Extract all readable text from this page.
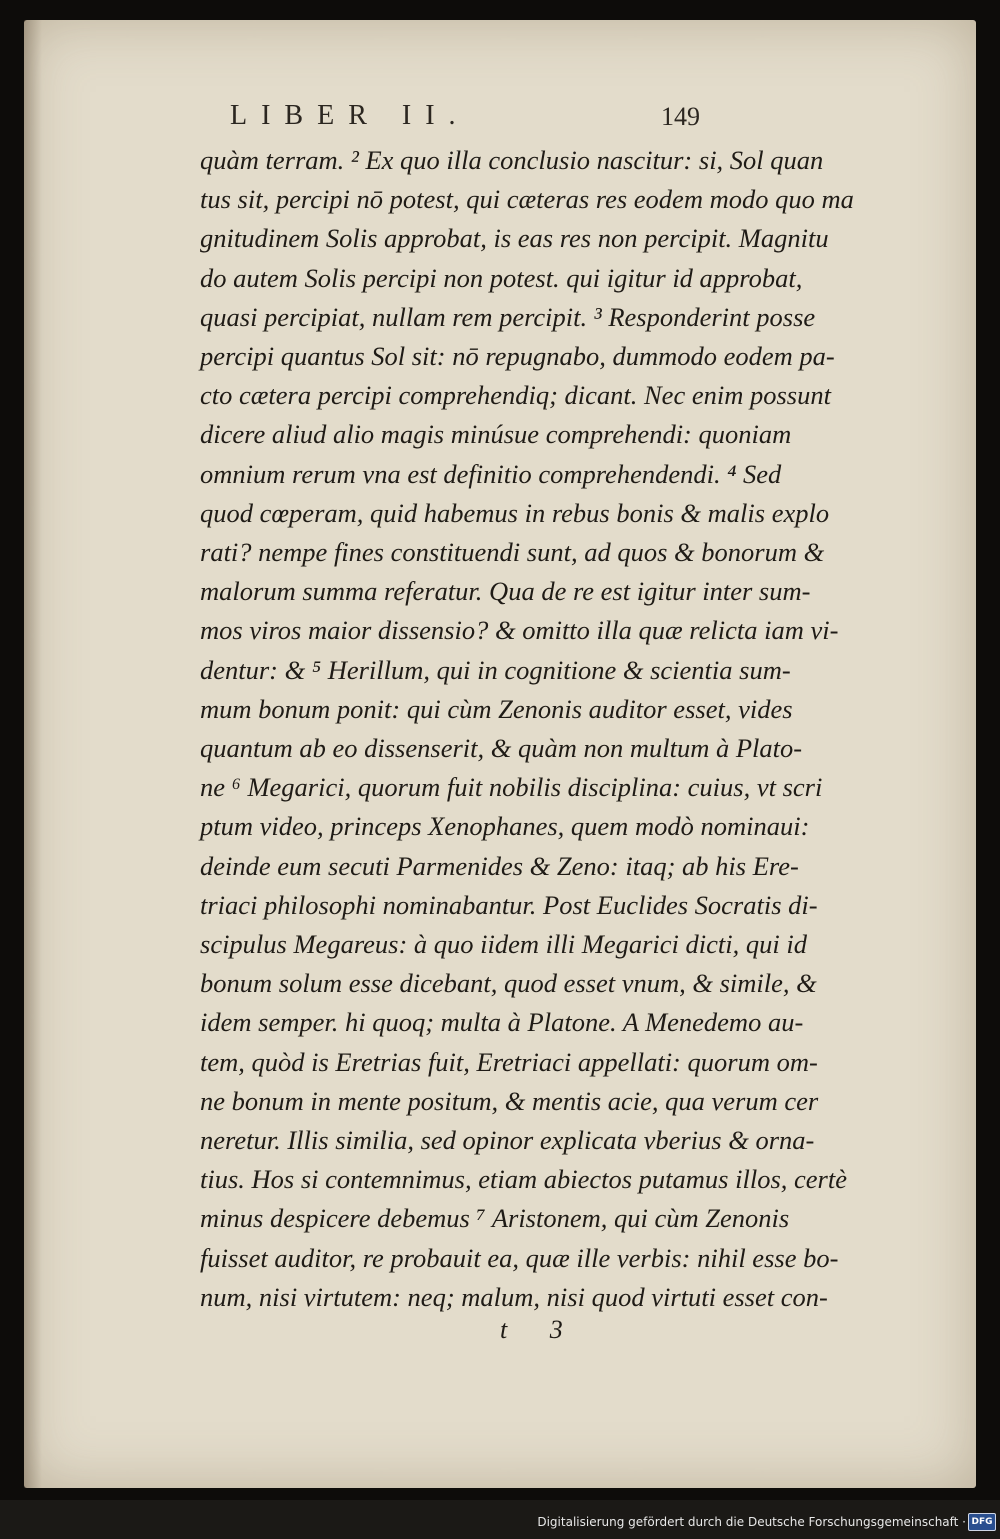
LIBER II.	149
quàm terram. ² Ex quo illa conclusio nascitur: si, Sol quan
tus sit, percipi nō potest, qui cæteras res eodem modo quo ma
gnitudinem Solis approbat, is eas res non percipit. Magnitu
do autem Solis percipi non potest. qui igitur id approbat,
quasi percipiat, nullam rem percipit. ³ Responderint posse
percipi quantus Sol sit: nō repugnabo, dummodo eodem pa-
cto cætera percipi comprehendiq; dicant. Nec enim possunt
dicere aliud alio magis minúsue comprehendi: quoniam
omnium rerum vna est definitio comprehendendi. ⁴ Sed
quod cœperam, quid habemus in rebus bonis & malis explo
rati? nempe fines constituendi sunt, ad quos & bonorum &
malorum summa referatur. Qua de re est igitur inter sum-
mos viros maior dissensio? & omitto illa quæ relicta iam vi-
dentur: & ⁵ Herillum, qui in cognitione & scientia sum-
mum bonum ponit: qui cùm Zenonis auditor esset, vides
quantum ab eo dissenserit, & quàm non multum à Plato-
ne ⁶ Megarici, quorum fuit nobilis disciplina: cuius, vt scri
ptum video, princeps Xenophanes, quem modò nominaui:
deinde eum secuti Parmenides & Zeno: itaq; ab his Ere-
triaci philosophi nominabantur. Post Euclides Socratis di-
scipulus Megareus: à quo iidem illi Megarici dicti, qui id
bonum solum esse dicebant, quod esset vnum, & simile, &
idem semper. hi quoq; multa à Platone. A Menedemo au-
tem, quòd is Eretrias fuit, Eretriaci appellati: quorum om-
ne bonum in mente positum, & mentis acie, qua verum cer
neretur. Illis similia, sed opinor explicata vberius & orna-
tius. Hos si contemnimus, etiam abiectos putamus illos, certè
minus despicere debemus ⁷ Aristonem, qui cùm Zenonis
fuisset auditor, re probauit ea, quæ ille verbis: nihil esse bo-
num, nisi virtutem: neq; malum, nisi quod virtuti esset con-
t 3
Digitalisierung gefördert durch die Deutsche Forschungsgemeinschaft · DFG
